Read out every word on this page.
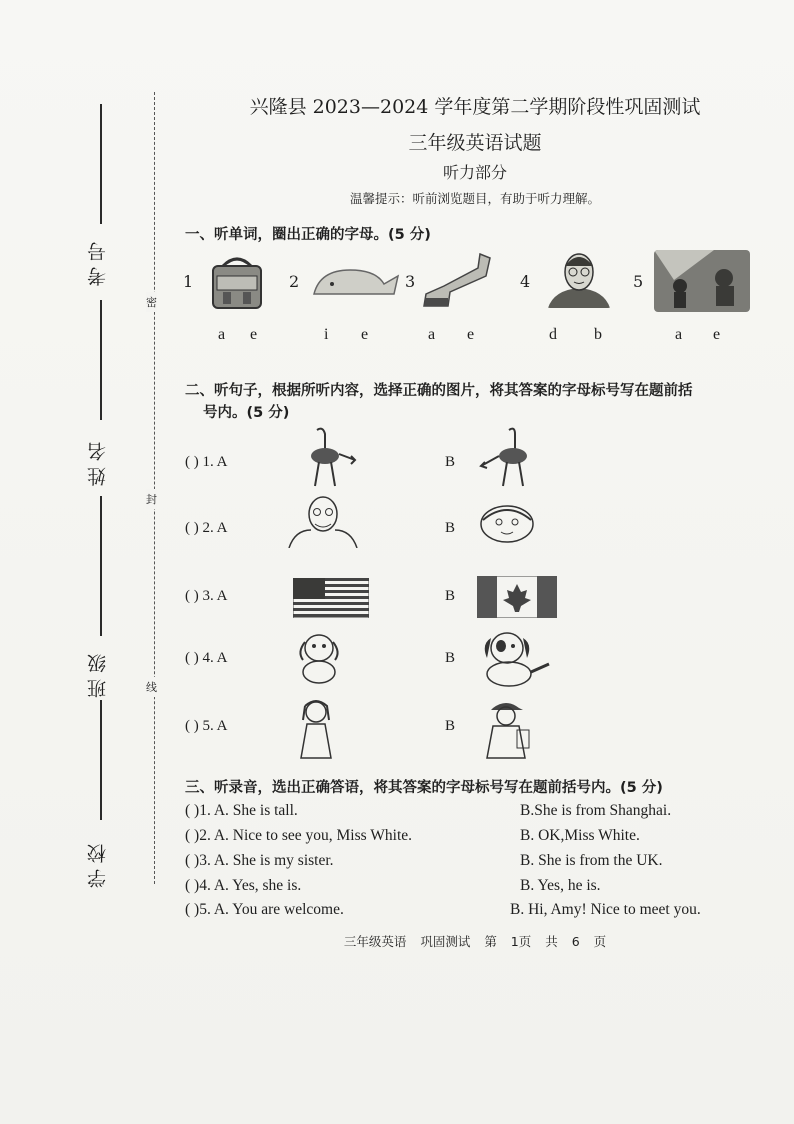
考号
姓名
班级
学校
密
封
线
兴隆县 2023—2024 学年度第二学期阶段性巩固测试
三年级英语试题
听力部分
温馨提示：听前浏览题目，有助于听力理解。
一、听单词，圈出正确的字母。(5 分)
1	2	3	4	5
a e	i e	a e	d b	a e
二、听句子，根据所听内容，选择正确的图片，将其答案的字母标号写在题前括
号内。(5 分)
( ) 1. A	B
( ) 2. A	B
( ) 3. A	B
( ) 4. A	B
( ) 5. A	B
三、听录音，选出正确答语，将其答案的字母标号写在题前括号内。(5 分)
( )1. A. She is tall.	B.She is from Shanghai.
( )2. A. Nice to see you, Miss White.	B. OK,Miss White.
( )3. A. She is my sister.	B. She is from the UK.
( )4. A. Yes, she is.	B. Yes, he is.
( )5. A. You are welcome.	B. Hi, Amy! Nice to meet you.
三年级英语 巩固测试 第 1页 共 6 页
